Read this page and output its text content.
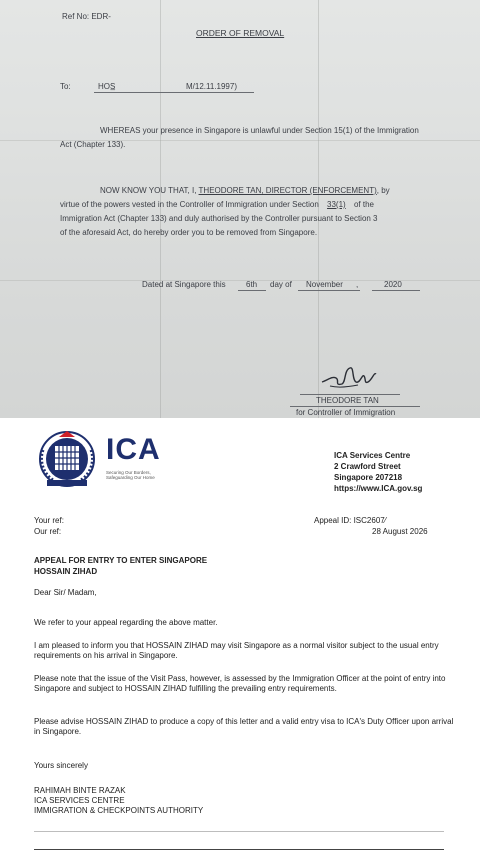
Ref No: EDR-
ORDER OF REMOVAL
To:	HOS̲	M/12.11.1997)
WHEREAS your presence in Singapore is unlawful under Section 15(1) of the Immigration Act (Chapter 133).
NOW KNOW YOU THAT, I, THEODORE TAN, DIRECTOR (ENFORCEMENT), by
virtue of the powers vested in the Controller of Immigration under Section 33(1) of the
Immigration Act (Chapter 133) and duly authorised by the Controller pursuant to Section 3
of the aforesaid Act, do hereby order you to be removed from Singapore.
Dated at Singapore this	6th day of November ,	2020
THEODORE TAN
for Controller of Immigration
ICA
Securing Our Borders,
Safeguarding Our Home
ICA Services Centre
2 Crawford Street
Singapore 207218
https://www.ICA.gov.sg
Your ref:
Our ref:
Appeal ID: ISC2607⁄
28 August 2026
APPEAL FOR ENTRY TO ENTER SINGAPORE
HOSSAIN ZIHAD
Dear Sir/ Madam,
We refer to your appeal regarding the above matter.
I am pleased to inform you that HOSSAIN ZIHAD may visit Singapore as a normal visitor subject to the usual entry requirements on his arrival in Singapore.
Please note that the issue of the Visit Pass, however, is assessed by the Immigration Officer at the point of entry into Singapore and subject to HOSSAIN ZIHAD fulfilling the prevailing entry requirements.
Please advise HOSSAIN ZIHAD to produce a copy of this letter and a valid entry visa to ICA's Duty Officer upon arrival in Singapore.
Yours sincerely
RAHIMAH BINTE RAZAK
ICA SERVICES CENTRE
IMMIGRATION & CHECKPOINTS AUTHORITY
